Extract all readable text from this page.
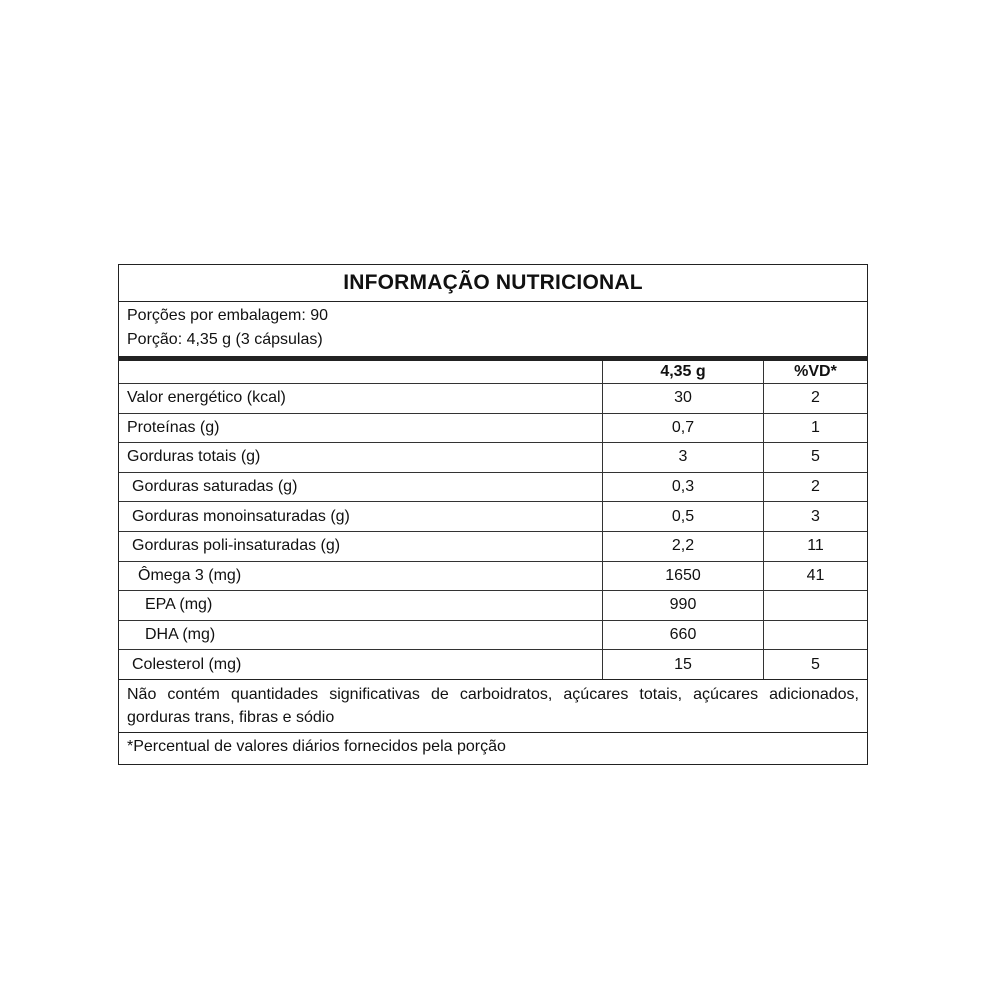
INFORMAÇÃO NUTRICIONAL
Porções por embalagem: 90
Porção: 4,35 g (3 cápsulas)
	4,35 g	%VD*
Valor energético (kcal)	30	2
Proteínas (g)	0,7	1
Gorduras totais (g)	3	5
Gorduras saturadas (g)	0,3	2
Gorduras monoinsaturadas (g)	0,5	3
Gorduras poli-insaturadas (g)	2,2	11
Ômega 3 (mg)	1650	41
EPA (mg)	990	
DHA (mg)	660	
Colesterol (mg)	15	5
Não contém quantidades significativas de carboidratos, açúcares totais, açúcares adicionados, gorduras trans, fibras e sódio
*Percentual de valores diários fornecidos pela porção
